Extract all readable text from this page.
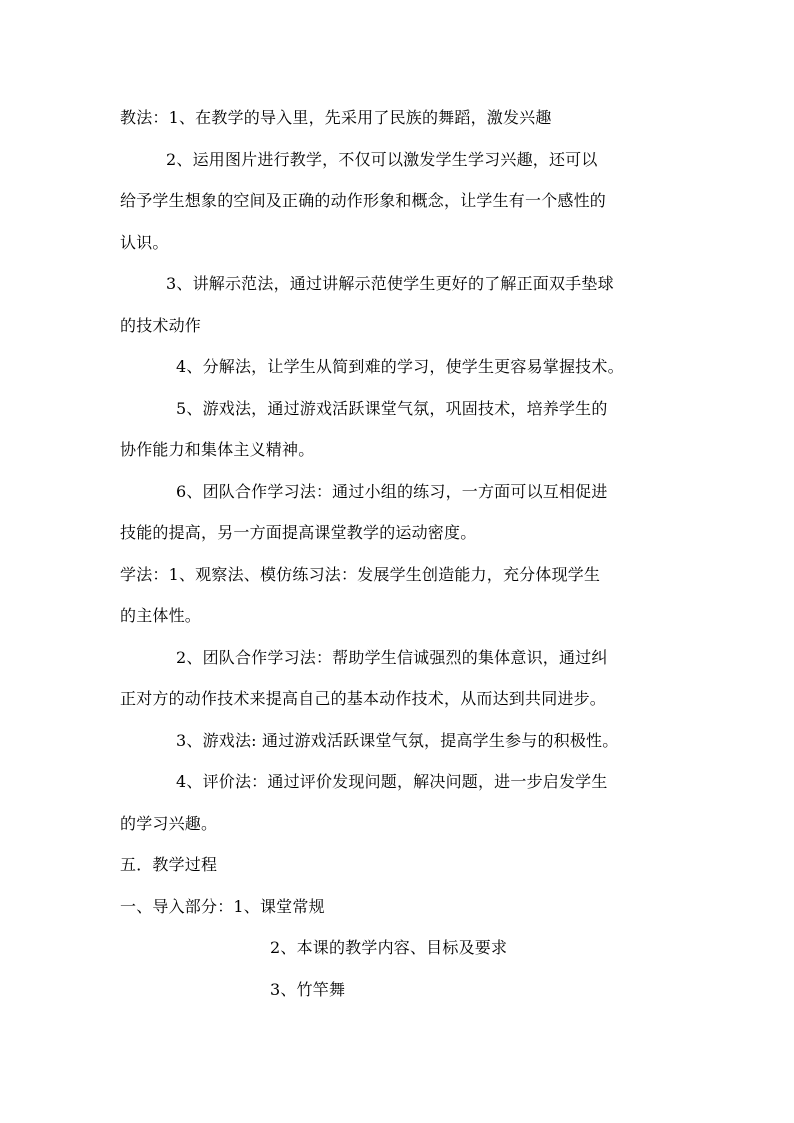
教法：1、在教学的导入里，先采用了民族的舞蹈，激发兴趣
2、运用图片进行教学，不仅可以激发学生学习兴趣，还可以
给予学生想象的空间及正确的动作形象和概念，让学生有一个感性的
认识。
3、讲解示范法，通过讲解示范使学生更好的了解正面双手垫球
的技术动作
4、分解法，让学生从简到难的学习，使学生更容易掌握技术。
5、游戏法，通过游戏活跃课堂气氛，巩固技术，培养学生的
协作能力和集体主义精神。
6、团队合作学习法：通过小组的练习，一方面可以互相促进
技能的提高，另一方面提高课堂教学的运动密度。
学法：1、观察法、模仿练习法：发展学生创造能力，充分体现学生
的主体性。
2、团队合作学习法：帮助学生信诚强烈的集体意识，通过纠
正对方的动作技术来提高自己的基本动作技术，从而达到共同进步。
3、游戏法: 通过游戏活跃课堂气氛，提高学生参与的积极性。
4、评价法：通过评价发现问题，解决问题，进一步启发学生
的学习兴趣。
五．教学过程
一、导入部分：1、课堂常规
2、本课的教学内容、目标及要求
3、竹竿舞
